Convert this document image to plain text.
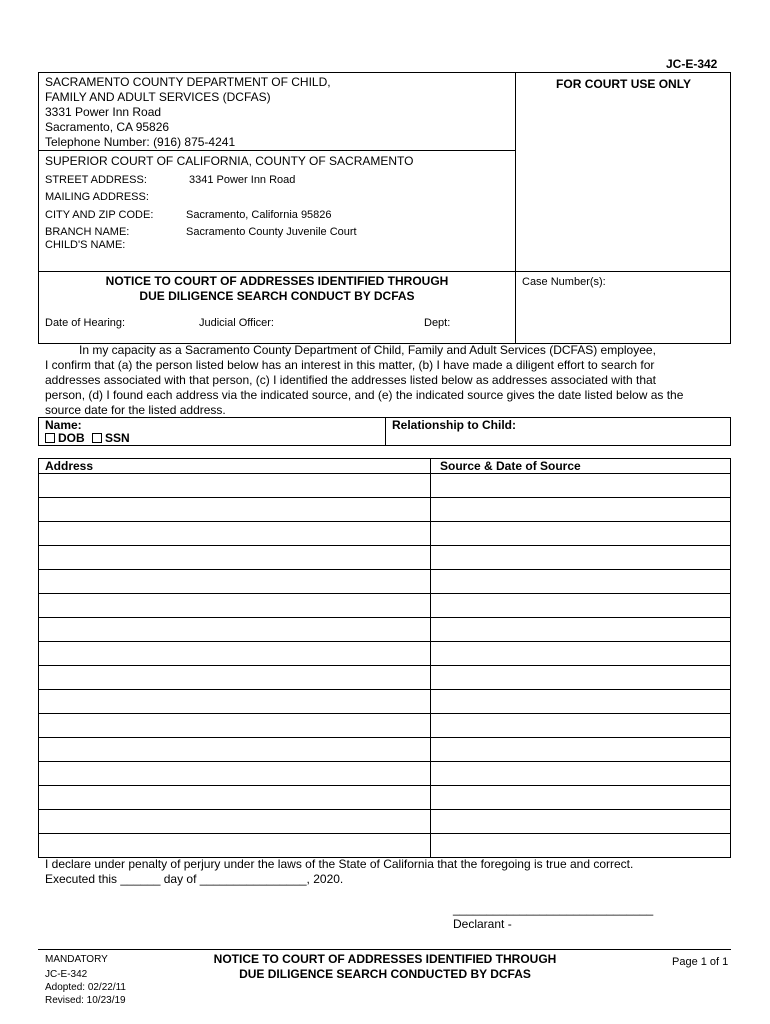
JC-E-342
SACRAMENTO COUNTY DEPARTMENT OF CHILD,
FAMILY AND ADULT SERVICES (DCFAS)
3331 Power Inn Road
Sacramento, CA 95826
Telephone Number: (916) 875-4241
FOR COURT USE ONLY
SUPERIOR COURT OF CALIFORNIA, COUNTY OF SACRAMENTO
STREET ADDRESS:	3341 Power Inn Road
MAILING ADDRESS:
CITY AND ZIP CODE:	Sacramento, California 95826
BRANCH NAME:	Sacramento County Juvenile Court
CHILD'S NAME:
NOTICE TO COURT OF ADDRESSES IDENTIFIED THROUGH
DUE DILIGENCE SEARCH CONDUCT BY DCFAS
Case Number(s):
Date of Hearing:	Judicial Officer:	Dept:
In my capacity as a Sacramento County Department of Child, Family and Adult Services (DCFAS) employee,
I confirm that (a) the person listed below has an interest in this matter, (b) I have made a diligent effort to search for
addresses associated with that person, (c) I identified the addresses listed below as addresses associated with that
person, (d) I found each address via the indicated source, and (e) the indicated source gives the date listed below as the
source date for the listed address.
Name:
DOB SSN
Relationship to Child:
Address	Source & Date of Source
I declare under penalty of perjury under the laws of the State of California that the foregoing is true and correct.
Executed this ______ day of ________________, 2020.
______________________________
Declarant -
MANDATORY
JC-E-342
Adopted: 02/22/11
Revised: 10/23/19
NOTICE TO COURT OF ADDRESSES IDENTIFIED THROUGH
DUE DILIGENCE SEARCH CONDUCTED BY DCFAS
Page 1 of 1
